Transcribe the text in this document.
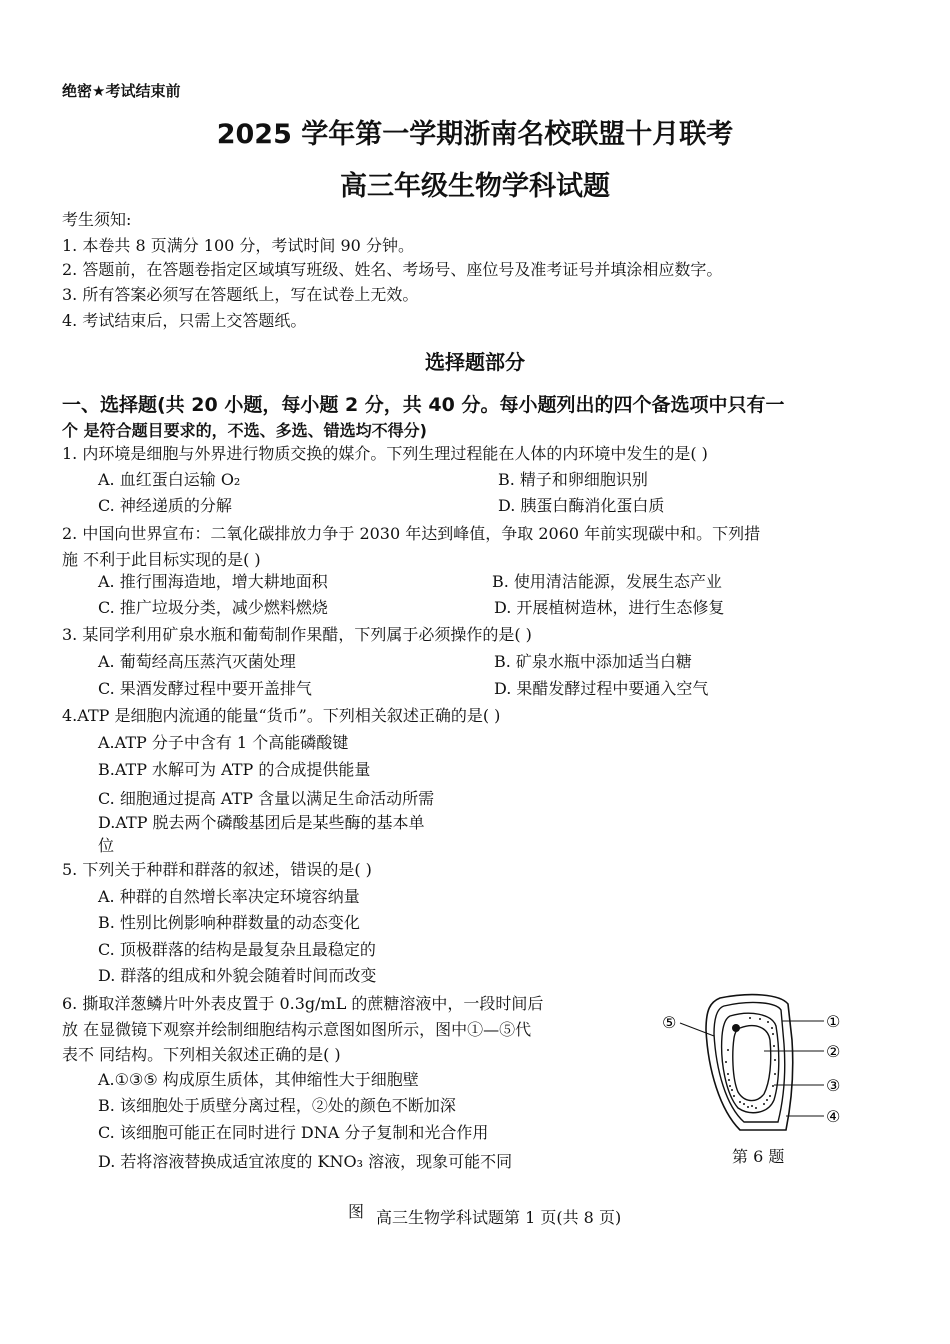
绝密★考试结束前
2025 学年第一学期浙南名校联盟十月联考
高三年级生物学科试题
考生须知:
1. 本卷共 8 页满分 100 分，考试时间 90 分钟。
2. 答题前，在答题卷指定区域填写班级、姓名、考场号、座位号及准考证号并填涂相应数字。
3. 所有答案必须写在答题纸上，写在试卷上无效。
4. 考试结束后，只需上交答题纸。
选择题部分
一、选择题(共 20 小题，每小题 2 分，共 40 分。每小题列出的四个备选项中只有一
个 是符合题目要求的，不选、多选、错选均不得分)
1. 内环境是细胞与外界进行物质交换的媒介。下列生理过程能在人体的内环境中发生的是( )
A. 血红蛋白运输 O₂	B. 精子和卵细胞识别
C. 神经递质的分解	D. 胰蛋白酶消化蛋白质
2. 中国向世界宣布：二氧化碳排放力争于 2030 年达到峰值，争取 2060 年前实现碳中和。下列措
施 不利于此目标实现的是( )
A. 推行围海造地，增大耕地面积	B. 使用清洁能源，发展生态产业
C. 推广垃圾分类，减少燃料燃烧	D. 开展植树造林，进行生态修复
3. 某同学利用矿泉水瓶和葡萄制作果醋，下列属于必须操作的是( )
A. 葡萄经高压蒸汽灭菌处理	B. 矿泉水瓶中添加适当白糖
C. 果酒发酵过程中要开盖排气	D. 果醋发酵过程中要通入空气
4.ATP 是细胞内流通的能量“货币”。下列相关叙述正确的是( )
A.ATP 分子中含有 1 个高能磷酸键
B.ATP 水解可为 ATP 的合成提供能量
C. 细胞通过提高 ATP 含量以满足生命活动所需
D.ATP 脱去两个磷酸基团后是某些酶的基本单
位
5. 下列关于种群和群落的叙述，错误的是( )
A. 种群的自然增长率决定环境容纳量
B. 性别比例影响种群数量的动态变化
C. 顶极群落的结构是最复杂且最稳定的
D. 群落的组成和外貌会随着时间而改变
6. 撕取洋葱鳞片叶外表皮置于 0.3g/mL 的蔗糖溶液中，一段时间后
放 在显微镜下观察并绘制细胞结构示意图如图所示，图中①—⑤代
表不 同结构。下列相关叙述正确的是( )
A.①③⑤ 构成原生质体，其伸缩性大于细胞壁
B. 该细胞处于质壁分离过程，②处的颜色不断加深
C. 该细胞可能正在同时进行 DNA 分子复制和光合作用
D. 若将溶液替换成适宜浓度的 KNO₃ 溶液，现象可能不同
⑤	①
②
③
④
第 6 题
图 高三生物学科试题第 1 页(共 8 页)
